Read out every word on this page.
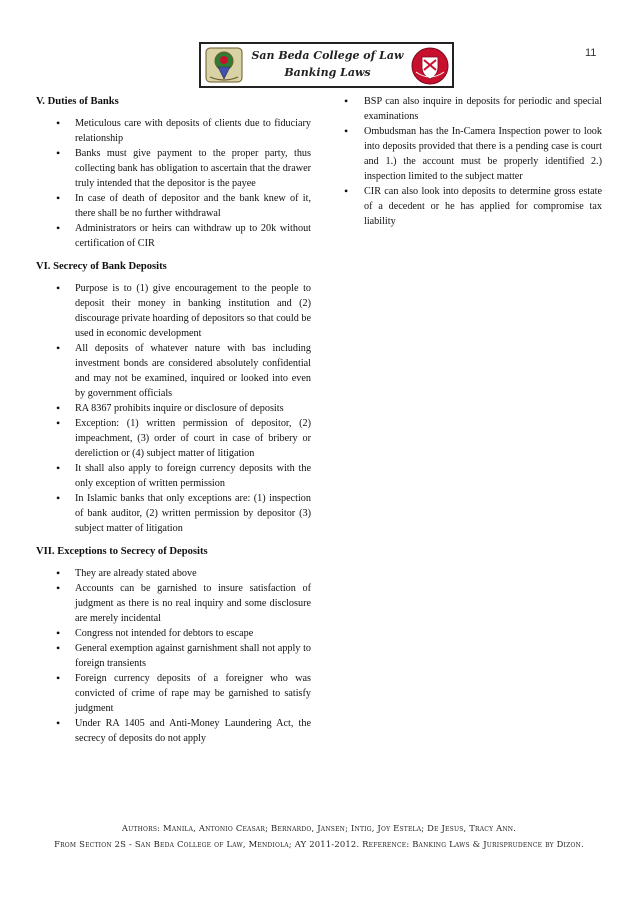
San Beda College of Law
Banking Laws
11
V. Duties of Banks
• Meticulous care with deposits of clients due to fiduciary relationship
• Banks must give payment to the proper party, thus collecting bank has obligation to ascertain that the drawer truly intended that the depositor is the payee
• In case of death of depositor and the bank knew of it, there shall be no further withdrawal
• Administrators or heirs can withdraw up to 20k without certification of CIR
VI. Secrecy of Bank Deposits
• Purpose is to (1) give encouragement to the people to deposit their money in banking institution and (2) discourage private hoarding of depositors so that could be used in economic development
• All deposits of whatever nature with bas including investment bonds are considered absolutely confidential and may not be examined, inquired or looked into even by government officials
• RA 8367 prohibits inquire or disclosure of deposits
• Exception: (1) written permission of depositor, (2) impeachment, (3) order of court in case of bribery or dereliction or (4) subject matter of litigation
• It shall also apply to foreign currency deposits with the only exception of written permission
• In Islamic banks that only exceptions are: (1) inspection of bank auditor, (2) written permission by depositor (3) subject matter of litigation
VII. Exceptions to Secrecy of Deposits
• They are already stated above
• Accounts can be garnished to insure satisfaction of judgment as there is no real inquiry and some disclosure are merely incidental
• Congress not intended for debtors to escape
• General exemption against garnishment shall not apply to foreign transients
• Foreign currency deposits of a foreigner who was convicted of crime of rape may be garnished to satisfy judgment
• Under RA 1405 and Anti-Money Laundering Act, the secrecy of deposits do not apply
• BSP can also inquire in deposits for periodic and special examinations
• Ombudsman has the In-Camera Inspection power to look into deposits provided that there is a pending case is court and 1.) the account must be properly identified 2.) inspection limited to the subject matter
• CIR can also look into deposits to determine gross estate of a decedent or he has applied for compromise tax liability
Authors: Manila, Antonio Ceasar; Bernardo, Jansen; Intig, Joy Estela; De Jesus, Tracy Ann.
From Section 2S - San Beda College of Law, Mendiola; AY 2011-2012. Reference: Banking Laws & Jurisprudence by Dizon.
